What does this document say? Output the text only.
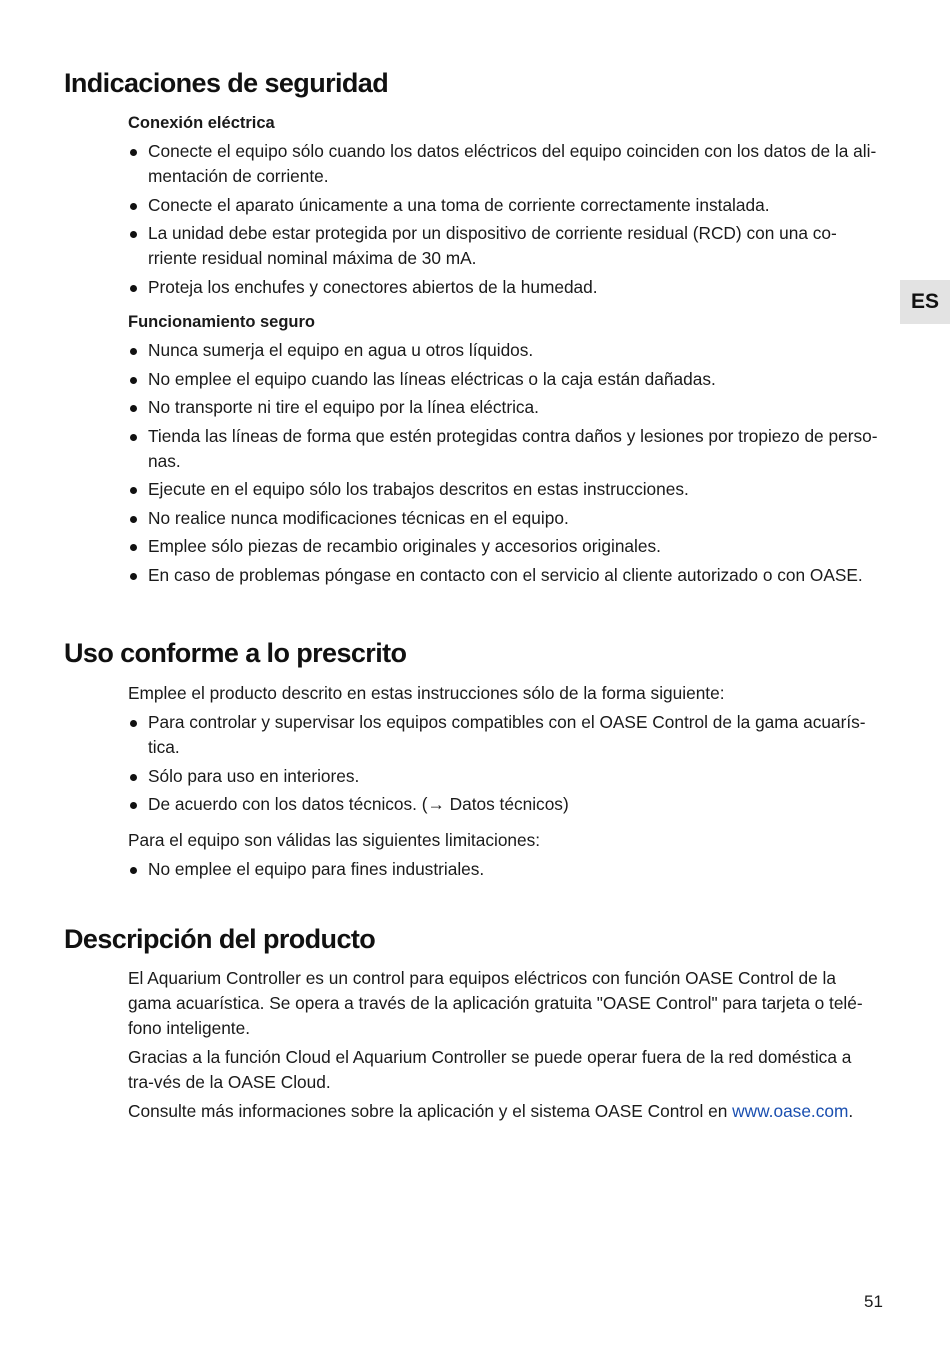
ES
Indicaciones de seguridad
Conexión eléctrica
Conecte el equipo sólo cuando los datos eléctricos del equipo coinciden con los datos de la ali-mentación de corriente.
Conecte el aparato únicamente a una toma de corriente correctamente instalada.
La unidad debe estar protegida por un dispositivo de corriente residual (RCD) con una co-rriente residual nominal máxima de 30 mA.
Proteja los enchufes y conectores abiertos de la humedad.
Funcionamiento seguro
Nunca sumerja el equipo en agua u otros líquidos.
No emplee el equipo cuando las líneas eléctricas o la caja están dañadas.
No transporte ni tire el equipo por la línea eléctrica.
Tienda las líneas de forma que estén protegidas contra daños y lesiones por tropiezo de perso-nas.
Ejecute en el equipo sólo los trabajos descritos en estas instrucciones.
No realice nunca modificaciones técnicas en el equipo.
Emplee sólo piezas de recambio originales y accesorios originales.
En caso de problemas póngase en contacto con el servicio al cliente autorizado o con OASE.
Uso conforme a lo prescrito

Emplee el producto descrito en estas instrucciones sólo de la forma siguiente:

Para controlar y supervisar los equipos compatibles con el OASE Control de la gama acuarís-tica.
Sólo para uso en interiores.
De acuerdo con los datos técnicos. (→ Datos técnicos)

Para el equipo son válidas las siguientes limitaciones:

No emplee el equipo para fines industriales.
Descripción del producto

El Aquarium Controller es un control para equipos eléctricos con función OASE Control de la gama acuarística. Se opera a través de la aplicación gratuita "OASE Control" para tarjeta o telé-fono inteligente.

Gracias a la función Cloud el Aquarium Controller se puede operar fuera de la red doméstica a tra-vés de la OASE Cloud.

Consulte más informaciones sobre la aplicación y el sistema OASE Control en www.oase.com.

51
